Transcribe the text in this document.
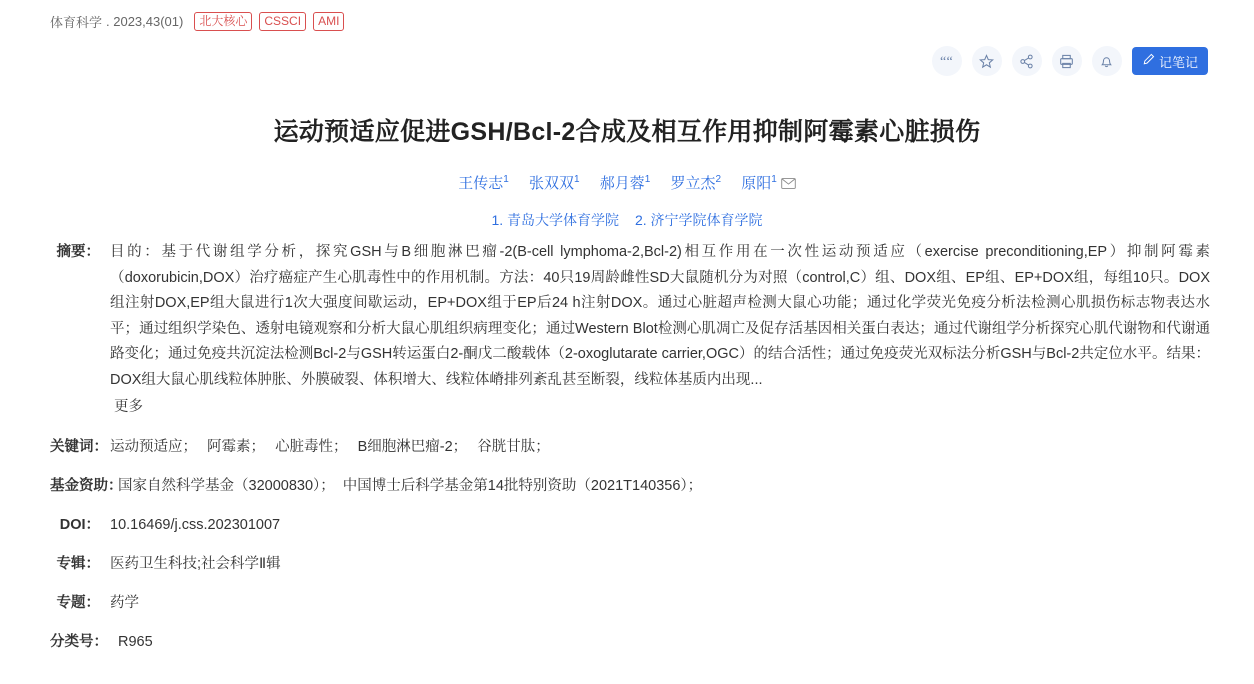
体育科学 . 2023,43(01)	北大核心	CSSCI	AMI
“ “	记笔记
运动预适应促进GSH/Bcl-2合成及相互作用抑制阿霉素心脏损伤
王传志$^1$ 张双双$^1$ 郝月蓉$^1$ 罗立杰$^2$ 原阳$^1$
1. 青岛大学体育学院 2. 济宁学院体育学院
摘要： 目的：基于代谢组学分析，探究GSH与B细胞淋巴瘤-2(B-cell lymphoma-2,Bcl-2)相互作用在一次性运动预适应（exercise preconditioning,EP）抑制阿霉素（doxorubicin,DOX）治疗癌症产生心肌毒性中的作用机制。方法：40只19周龄雌性SD大鼠随机分为对照（control,C）组、DOX组、EP组、EP+DOX组，每组10只。DOX组注射DOX,EP组大鼠进行1次大强度间歇运动，EP+DOX组于EP后24 h注射DOX。通过心脏超声检测大鼠心功能；通过化学荧光免疫分析法检测心肌损伤标志物表达水平；通过组织学染色、透射电镜观察和分析大鼠心肌组织病理变化；通过Western Blot检测心肌凋亡及促存活基因相关蛋白表达；通过代谢组学分析探究心肌代谢物和代谢通路变化；通过免疫共沉淀法检测Bcl-2与GSH转运蛋白2-酮戊二酸载体（2-oxoglutarate carrier,OGC）的结合活性；通过免疫荧光双标法分析GSH与Bcl-2共定位水平。结果：DOX组大鼠心肌线粒体肿胀、外膜破裂、体积增大、线粒体嵴排列紊乱甚至断裂，线粒体基质内出现...
更多
关键词： 运动预适应； 阿霉素； 心脏毒性； B细胞淋巴瘤-2； 谷胱甘肽；
基金资助：
国家自然科学基金（32000830）； 中国博士后科学基金第14批特别资助（2021T140356）；
DOI： 10.16469/j.css.202301007
专辑： 医药卫生科技;社会科学Ⅱ辑
专题： 药学
分类号： R965
